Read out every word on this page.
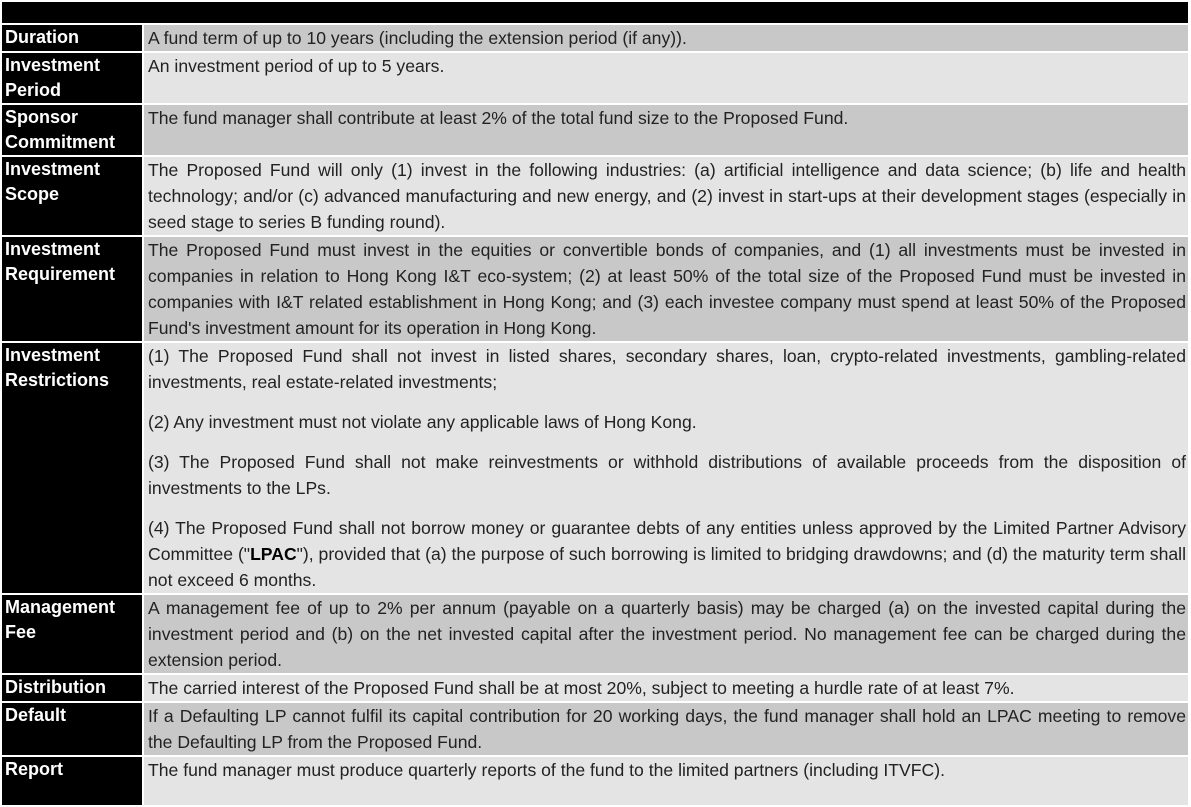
Duration	A fund term of up to 10 years (including the extension period (if any)).
Investment Period	An investment period of up to 5 years.
Sponsor Commitment	The fund manager shall contribute at least 2% of the total fund size to the Proposed Fund.
Investment Scope	The Proposed Fund will only (1) invest in the following industries: (a) artificial intelligence and data science; (b) life and health technology; and/or (c) advanced manufacturing and new energy, and (2) invest in start-ups at their development stages (especially in seed stage to series B funding round).
Investment Requirement	The Proposed Fund must invest in the equities or convertible bonds of companies, and (1) all investments must be invested in companies in relation to Hong Kong I&T eco-system; (2) at least 50% of the total size of the Proposed Fund must be invested in companies with I&T related establishment in Hong Kong; and (3) each investee company must spend at least 50% of the Proposed Fund's investment amount for its operation in Hong Kong.
Investment Restrictions	(1) The Proposed Fund shall not invest in listed shares, secondary shares, loan, crypto-related investments, gambling-related investments, real estate-related investments;

(2) Any investment must not violate any applicable laws of Hong Kong.

(3) The Proposed Fund shall not make reinvestments or withhold distributions of available proceeds from the disposition of investments to the LPs.

(4) The Proposed Fund shall not borrow money or guarantee debts of any entities unless approved by the Limited Partner Advisory Committee ("LPAC"), provided that (a) the purpose of such borrowing is limited to bridging drawdowns; and (d) the maturity term shall not exceed 6 months.

Management Fee	A management fee of up to 2% per annum (payable on a quarterly basis) may be charged (a) on the invested capital during the investment period and (b) on the net invested capital after the investment period. No management fee can be charged during the extension period.
Distribution	The carried interest of the Proposed Fund shall be at most 20%, subject to meeting a hurdle rate of at least 7%.
Default	If a Defaulting LP cannot fulfil its capital contribution for 20 working days, the fund manager shall hold an LPAC meeting to remove the Defaulting LP from the Proposed Fund.
Report	The fund manager must produce quarterly reports of the fund to the limited partners (including ITVFC).
